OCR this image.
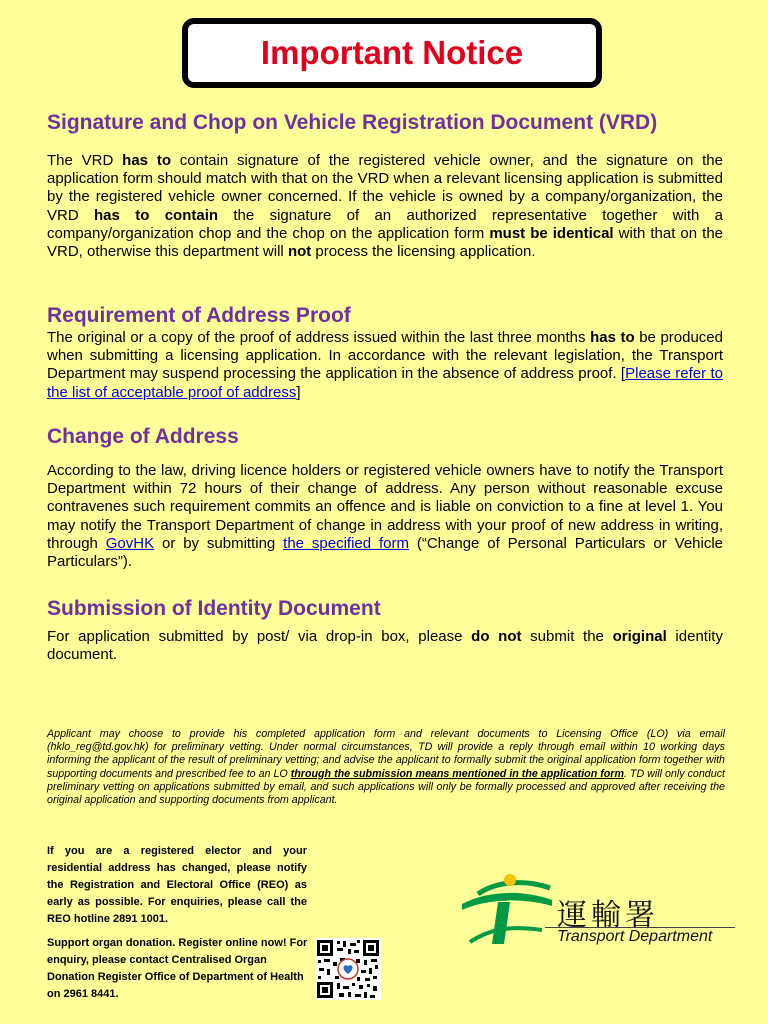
Important Notice
Signature and Chop on Vehicle Registration Document (VRD)

The VRD has to contain signature of the registered vehicle owner, and the signature on the application form should match with that on the VRD when a relevant licensing application is submitted by the registered vehicle owner concerned. If the vehicle is owned by a company/organization, the VRD has to contain the signature of an authorized representative together with a company/organization chop and the chop on the application form must be identical with that on the VRD, otherwise this department will not process the licensing application.

Requirement of Address Proof

The original or a copy of the proof of address issued within the last three months has to be produced when submitting a licensing application. In accordance with the relevant legislation, the Transport Department may suspend processing the application in the absence of address proof. [Please refer to the list of acceptable proof of address]

Change of Address

According to the law, driving licence holders or registered vehicle owners have to notify the Transport Department within 72 hours of their change of address. Any person without reasonable excuse contravenes such requirement commits an offence and is liable on conviction to a fine at level 1. You may notify the Transport Department of change in address with your proof of new address in writing, through GovHK or by submitting the specified form (“Change of Personal Particulars or Vehicle Particulars”).

Submission of Identity Document

For application submitted by post/ via drop-in box, please do not submit the original identity document.

Applicant may choose to provide his completed application form and relevant documents to Licensing Office (LO) via email (hklo_reg@td.gov.hk) for preliminary vetting. Under normal circumstances, TD will provide a reply through email within 10 working days informing the applicant of the result of preliminary vetting; and advise the applicant to formally submit the original application form together with supporting documents and prescribed fee to an LO through the submission means mentioned in the application form. TD will only conduct preliminary vetting on applications submitted by email, and such applications will only be formally processed and approved after receiving the original application and supporting documents from applicant.
If you are a registered elector and your residential address has changed, please notify the Registration and Electoral Office (REO) as early as possible. For enquiries, please call the REO hotline 2891 1001.
Support organ donation. Register online now! For enquiry, please contact Centralised Organ Donation Register Office of Department of Health on 2961 8441.
運輸署
Transport Department
